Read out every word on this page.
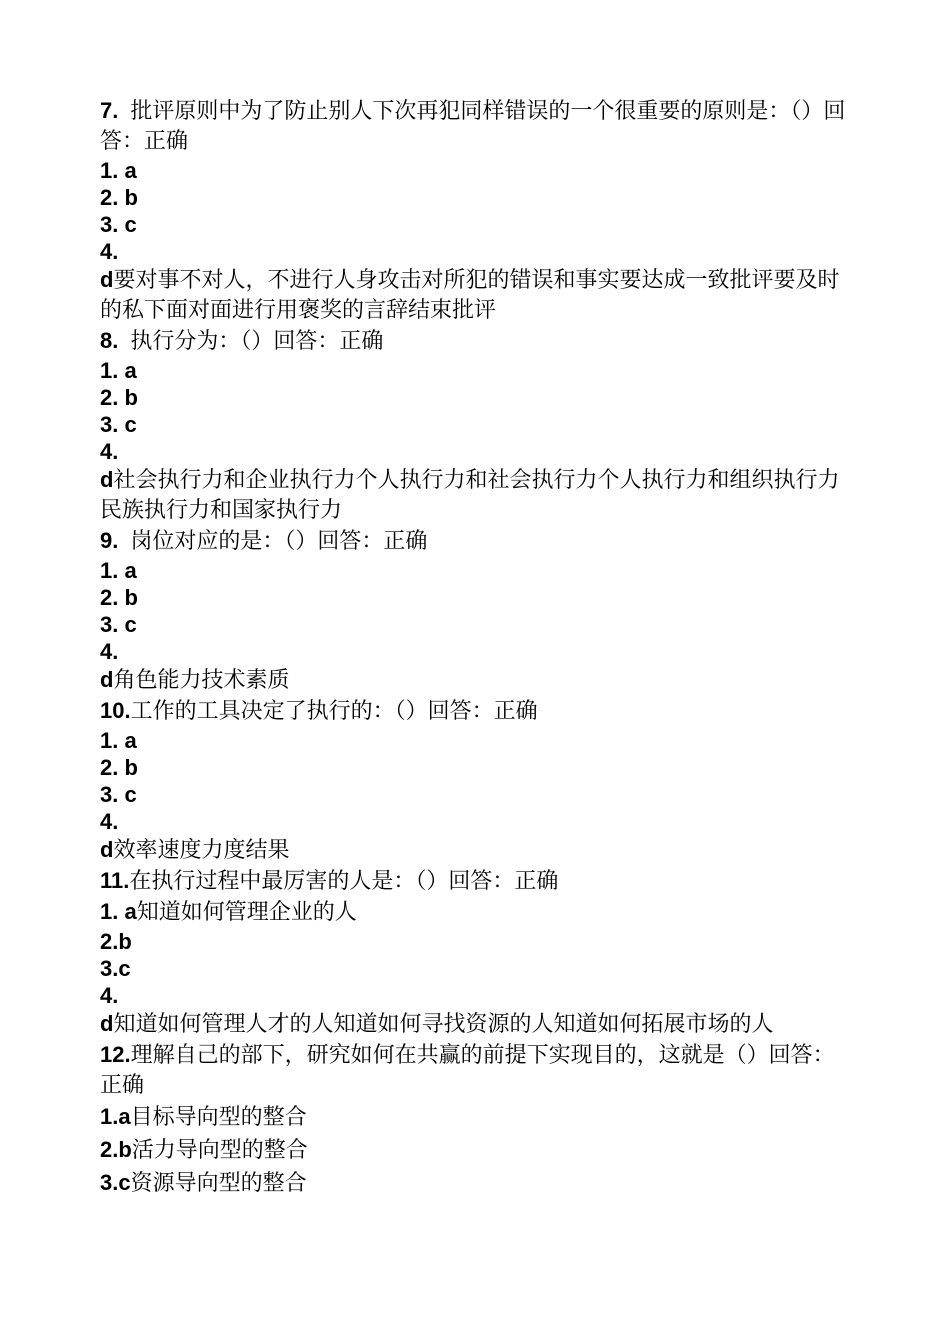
7. 批评原则中为了防止别人下次再犯同样错误的一个很重要的原则是：（）回答：正确
1. a
2. b
3. c
4.
d要对事不对人，不进行人身攻击对所犯的错误和事实要达成一致批评要及时的私下面对面进行用褒奖的言辞结束批评
8. 执行分为：（）回答：正确
1. a
2. b
3. c
4.
d社会执行力和企业执行力个人执行力和社会执行力个人执行力和组织执行力民族执行力和国家执行力
9. 岗位对应的是：（）回答：正确
1. a
2. b
3. c
4.
d角色能力技术素质
10.工作的工具决定了执行的：（）回答：正确
1. a
2. b
3. c
4.
d效率速度力度结果
11.在执行过程中最厉害的人是：（）回答：正确
1. a知道如何管理企业的人
2.b
3.c
4.
d知道如何管理人才的人知道如何寻找资源的人知道如何拓展市场的人
12.理解自己的部下，研究如何在共赢的前提下实现目的，这就是（）回答：正确
1.a目标导向型的整合
2.b活力导向型的整合
3.c资源导向型的整合
